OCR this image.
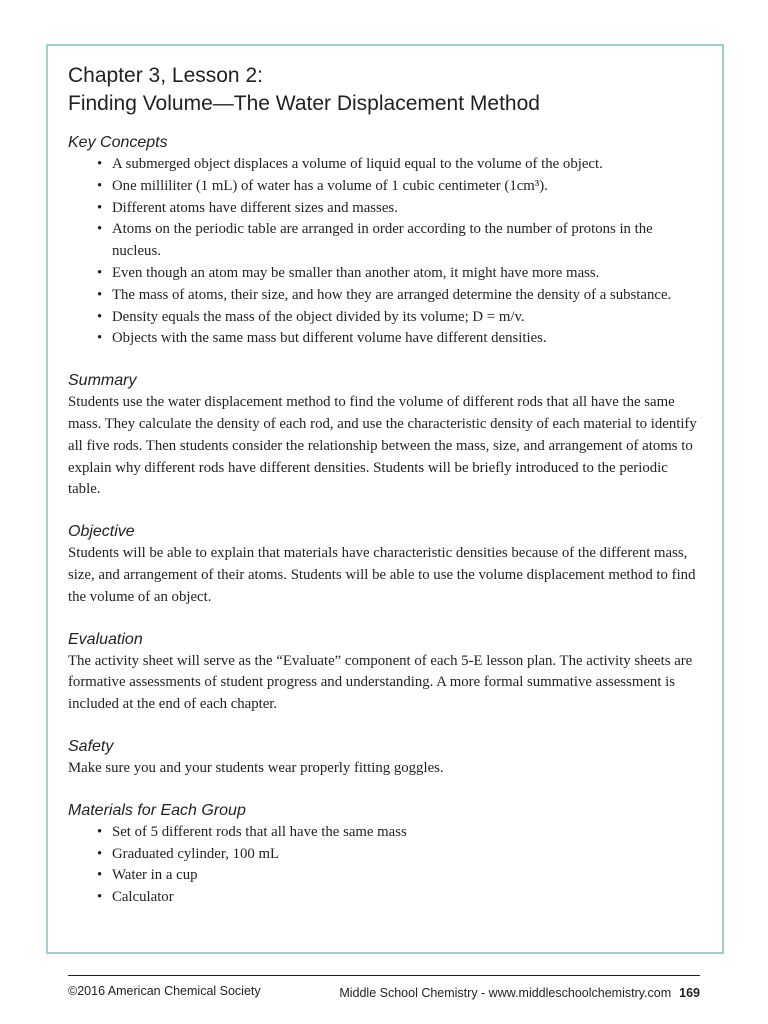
Chapter 3, Lesson 2:
Finding Volume—The Water Displacement Method
Key Concepts
• A submerged object displaces a volume of liquid equal to the volume of the object.
• One milliliter (1 mL) of water has a volume of 1 cubic centimeter (1cm³).
• Different atoms have different sizes and masses.
• Atoms on the periodic table are arranged in order according to the number of protons in the nucleus.
• Even though an atom may be smaller than another atom, it might have more mass.
• The mass of atoms, their size, and how they are arranged determine the density of a substance.
• Density equals the mass of the object divided by its volume; D = m/v.
• Objects with the same mass but different volume have different densities.
Summary

Students use the water displacement method to find the volume of different rods that all have the same mass. They calculate the density of each rod, and use the characteristic density of each material to identify all five rods. Then students consider the relationship between the mass, size, and arrangement of atoms to explain why different rods have different densities. Students will be briefly introduced to the periodic table.

Objective

Students will be able to explain that materials have characteristic densities because of the different mass, size, and arrangement of their atoms. Students will be able to use the volume displacement method to find the volume of an object.

Evaluation

The activity sheet will serve as the “Evaluate” component of each 5-E lesson plan. The activity sheets are formative assessments of student progress and understanding. A more formal summative assessment is included at the end of each chapter.

Safety

Make sure you and your students wear properly fitting goggles.

Materials for Each Group
• Set of 5 different rods that all have the same mass
• Graduated cylinder, 100 mL
• Water in a cup
• Calculator
©2016 American Chemical Society	Middle School Chemistry - www.middleschoolchemistry.com 169
